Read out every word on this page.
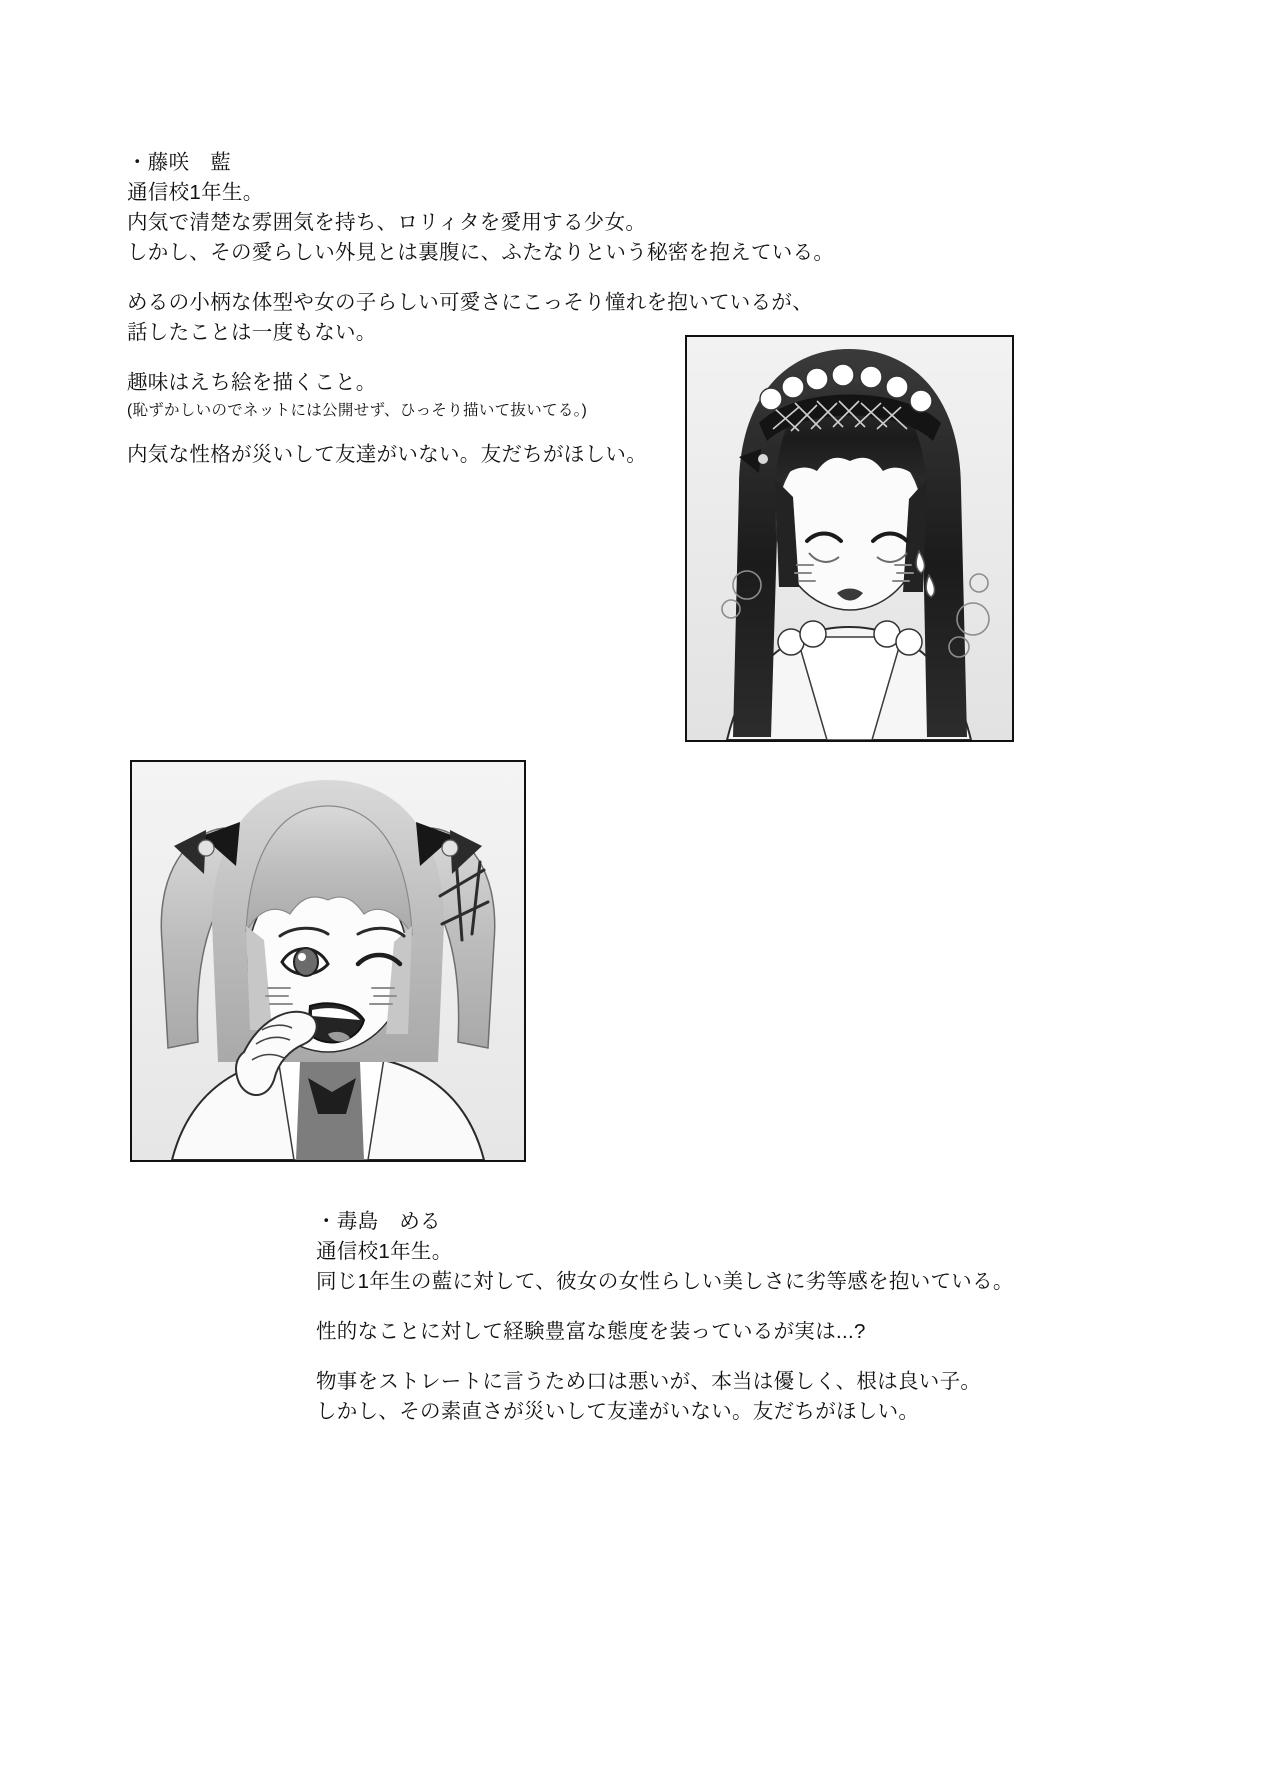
・藤咲　藍
通信校1年生。
内気で清楚な雰囲気を持ち、ロリィタを愛用する少女。
しかし、その愛らしい外見とは裏腹に、ふたなりという秘密を抱えている。
めるの小柄な体型や女の子らしい可愛さにこっそり憧れを抱いているが、
話したことは一度もない。
趣味はえち絵を描くこと。
(恥ずかしいのでネットには公開せず、ひっそり描いて抜いてる。)
内気な性格が災いして友達がいない。友だちがほしい。
・毒島　める
通信校1年生。
同じ1年生の藍に対して、彼女の女性らしい美しさに劣等感を抱いている。
性的なことに対して経験豊富な態度を装っているが実は...?
物事をストレートに言うため口は悪いが、本当は優しく、根は良い子。
しかし、その素直さが災いして友達がいない。友だちがほしい。
